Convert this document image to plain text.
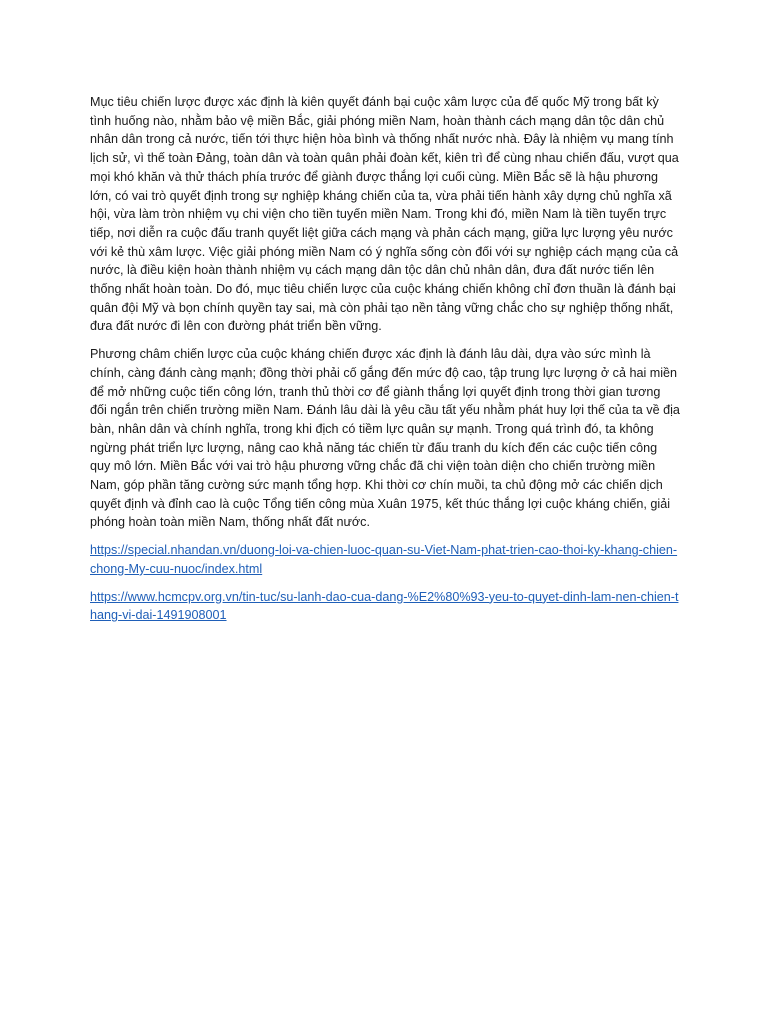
Mục tiêu chiến lược được xác định là kiên quyết đánh bại cuộc xâm lược của đế quốc Mỹ trong bất kỳ tình huống nào, nhằm bảo vệ miền Bắc, giải phóng miền Nam, hoàn thành cách mạng dân tộc dân chủ nhân dân trong cả nước, tiến tới thực hiện hòa bình và thống nhất nước nhà. Đây là nhiệm vụ mang tính lịch sử, vì thế toàn Đảng, toàn dân và toàn quân phải đoàn kết, kiên trì để cùng nhau chiến đấu, vượt qua mọi khó khăn và thử thách phía trước để giành được thắng lợi cuối cùng. Miền Bắc sẽ là hậu phương lớn, có vai trò quyết định trong sự nghiệp kháng chiến của ta, vừa phải tiến hành xây dựng chủ nghĩa xã hội, vừa làm tròn nhiệm vụ chi viện cho tiền tuyến miền Nam. Trong khi đó, miền Nam là tiền tuyến trực tiếp, nơi diễn ra cuộc đấu tranh quyết liệt giữa cách mạng và phản cách mạng, giữa lực lượng yêu nước với kẻ thù xâm lược. Việc giải phóng miền Nam có ý nghĩa sống còn đối với sự nghiệp cách mạng của cả nước, là điều kiện hoàn thành nhiệm vụ cách mạng dân tộc dân chủ nhân dân, đưa đất nước tiến lên thống nhất hoàn toàn. Do đó, mục tiêu chiến lược của cuộc kháng chiến không chỉ đơn thuần là đánh bại quân đội Mỹ và bọn chính quyền tay sai, mà còn phải tạo nền tảng vững chắc cho sự nghiệp thống nhất, đưa đất nước đi lên con đường phát triển bền vững.

Phương châm chiến lược của cuộc kháng chiến được xác định là đánh lâu dài, dựa vào sức mình là chính, càng đánh càng mạnh; đồng thời phải cố gắng đến mức độ cao, tập trung lực lượng ở cả hai miền để mở những cuộc tiến công lớn, tranh thủ thời cơ để giành thắng lợi quyết định trong thời gian tương đối ngắn trên chiến trường miền Nam. Đánh lâu dài là yêu cầu tất yếu nhằm phát huy lợi thế của ta về địa bàn, nhân dân và chính nghĩa, trong khi địch có tiềm lực quân sự mạnh. Trong quá trình đó, ta không ngừng phát triển lực lượng, nâng cao khả năng tác chiến từ đấu tranh du kích đến các cuộc tiến công quy mô lớn. Miền Bắc với vai trò hậu phương vững chắc đã chi viện toàn diện cho chiến trường miền Nam, góp phần tăng cường sức mạnh tổng hợp. Khi thời cơ chín muồi, ta chủ động mở các chiến dịch quyết định và đỉnh cao là cuộc Tổng tiến công mùa Xuân 1975, kết thúc thắng lợi cuộc kháng chiến, giải phóng hoàn toàn miền Nam, thống nhất đất nước.

https://special.nhandan.vn/duong-loi-va-chien-luoc-quan-su-Viet-Nam-phat-trien-cao-thoi-ky-khang-chien-chong-My-cuu-nuoc/index.html

https://www.hcmcpv.org.vn/tin-tuc/su-lanh-dao-cua-dang-%E2%80%93-yeu-to-quyet-dinh-lam-nen-chien-thang-vi-dai-1491908001
